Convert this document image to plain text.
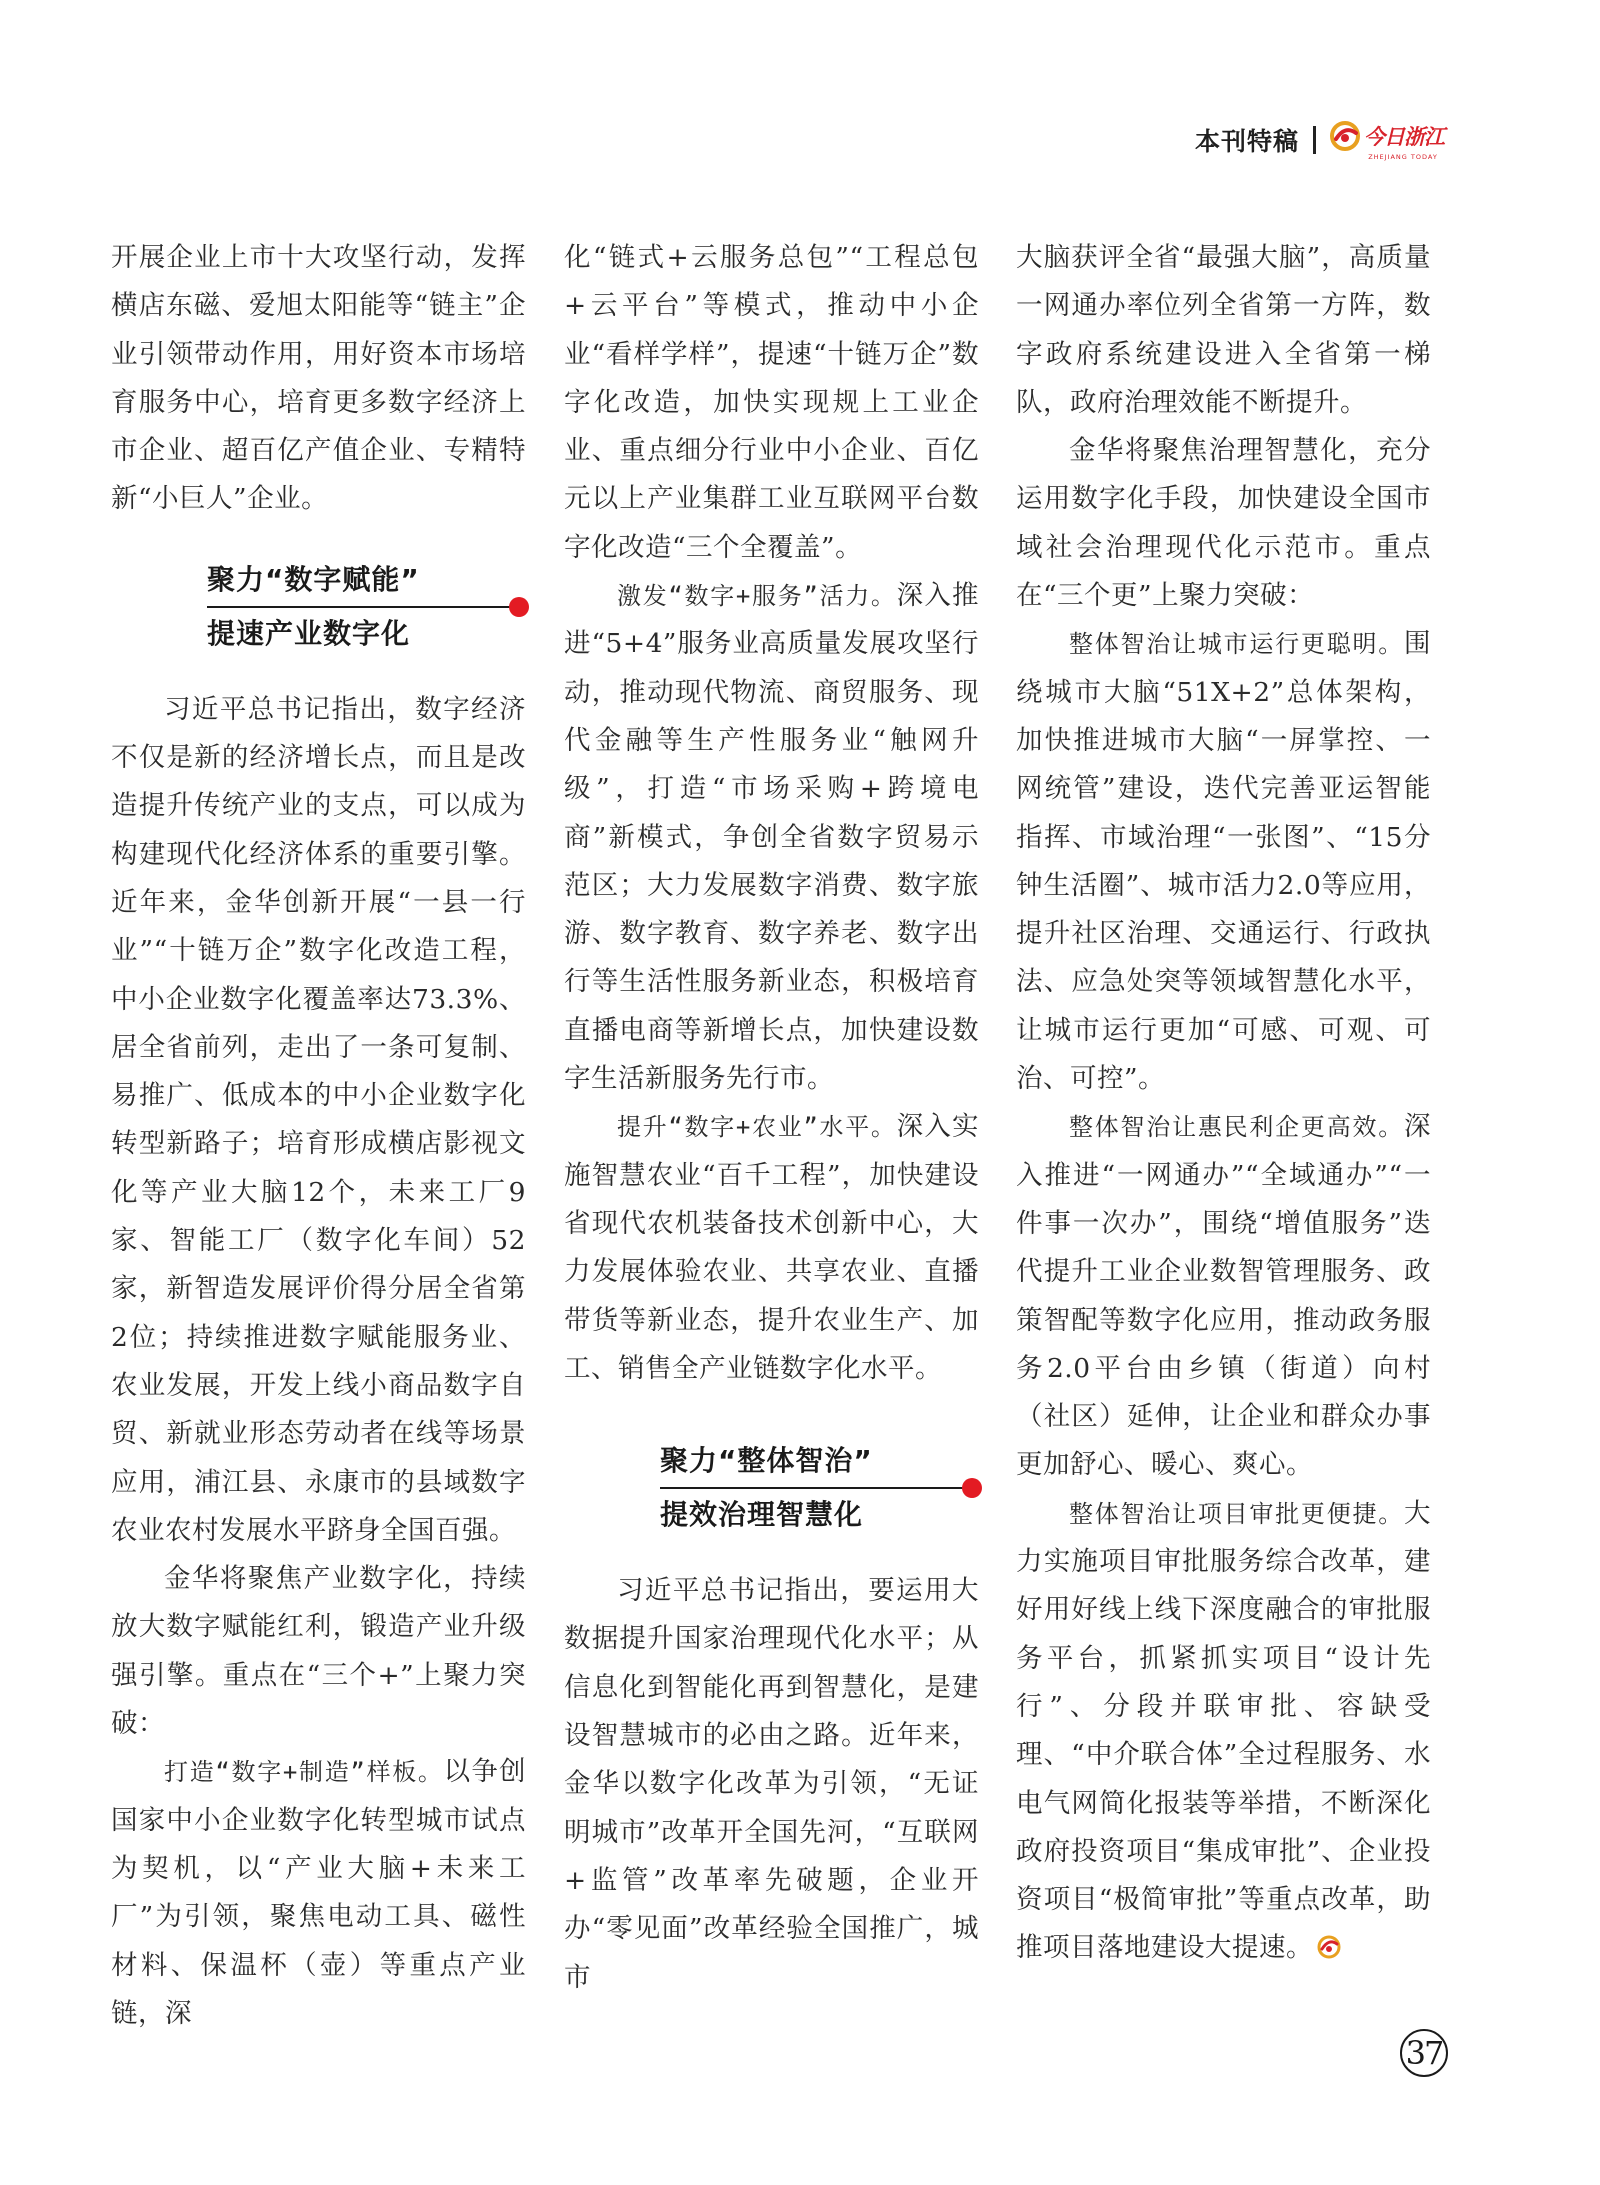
本刊特稿	今日浙江
ZHEJIANG TODAY

开展企业上市十大攻坚行动，发挥横店东磁、爱旭太阳能等“链主”企业引领带动作用，用好资本市场培育服务中心，培育更多数字经济上市企业、超百亿产值企业、专精特新“小巨人”企业。

聚力“数字赋能”
提速产业数字化

习近平总书记指出，数字经济不仅是新的经济增长点，而且是改造提升传统产业的支点，可以成为构建现代化经济体系的重要引擎。近年来，金华创新开展“一县一行业”“十链万企”数字化改造工程，中小企业数字化覆盖率达73.3%、居全省前列，走出了一条可复制、易推广、低成本的中小企业数字化转型新路子；培育形成横店影视文化等产业大脑12个，未来工厂9家、智能工厂（数字化车间）52家，新智造发展评价得分居全省第2位；持续推进数字赋能服务业、农业发展，开发上线小商品数字自贸、新就业形态劳动者在线等场景应用，浦江县、永康市的县域数字农业农村发展水平跻身全国百强。

金华将聚焦产业数字化，持续放大数字赋能红利，锻造产业升级强引擎。重点在“三个+”上聚力突破：

打造“数字+制造”样板。以争创国家中小企业数字化转型城市试点为契机，以“产业大脑+未来工厂”为引领，聚焦电动工具、磁性材料、保温杯（壶）等重点产业链，深

化“链式+云服务总包”“工程总包+云平台”等模式，推动中小企业“看样学样”，提速“十链万企”数字化改造，加快实现规上工业企业、重点细分行业中小企业、百亿元以上产业集群工业互联网平台数字化改造“三个全覆盖”。

激发“数字+服务”活力。深入推进“5+4”服务业高质量发展攻坚行动，推动现代物流、商贸服务、现代金融等生产性服务业“触网升级”，打造“市场采购+跨境电商”新模式，争创全省数字贸易示范区；大力发展数字消费、数字旅游、数字教育、数字养老、数字出行等生活性服务新业态，积极培育直播电商等新增长点，加快建设数字生活新服务先行市。

提升“数字+农业”水平。深入实施智慧农业“百千工程”，加快建设省现代农机装备技术创新中心，大力发展体验农业、共享农业、直播带货等新业态，提升农业生产、加工、销售全产业链数字化水平。

聚力“整体智治”
提效治理智慧化

习近平总书记指出，要运用大数据提升国家治理现代化水平；从信息化到智能化再到智慧化，是建设智慧城市的必由之路。近年来，金华以数字化改革为引领，“无证明城市”改革开全国先河，“互联网+监管”改革率先破题，企业开办“零见面”改革经验全国推广，城市

大脑获评全省“最强大脑”，高质量一网通办率位列全省第一方阵，数字政府系统建设进入全省第一梯队，政府治理效能不断提升。

金华将聚焦治理智慧化，充分运用数字化手段，加快建设全国市域社会治理现代化示范市。重点在“三个更”上聚力突破：

整体智治让城市运行更聪明。围绕城市大脑“51X+2”总体架构，加快推进城市大脑“一屏掌控、一网统管”建设，迭代完善亚运智能指挥、市域治理“一张图”、“15分钟生活圈”、城市活力2.0等应用，提升社区治理、交通运行、行政执法、应急处突等领域智慧化水平，让城市运行更加“可感、可观、可治、可控”。

整体智治让惠民利企更高效。深入推进“一网通办”“全域通办”“一件事一次办”，围绕“增值服务”迭代提升工业企业数智管理服务、政策智配等数字化应用，推动政务服务2.0平台由乡镇（街道）向村（社区）延伸，让企业和群众办事更加舒心、暖心、爽心。

整体智治让项目审批更便捷。大力实施项目审批服务综合改革，建好用好线上线下深度融合的审批服务平台，抓紧抓实项目“设计先行”、分段并联审批、容缺受理、“中介联合体”全过程服务、水电气网简化报装等举措，不断深化政府投资项目“集成审批”、企业投资项目“极简审批”等重点改革，助推项目落地建设大提速。

37
